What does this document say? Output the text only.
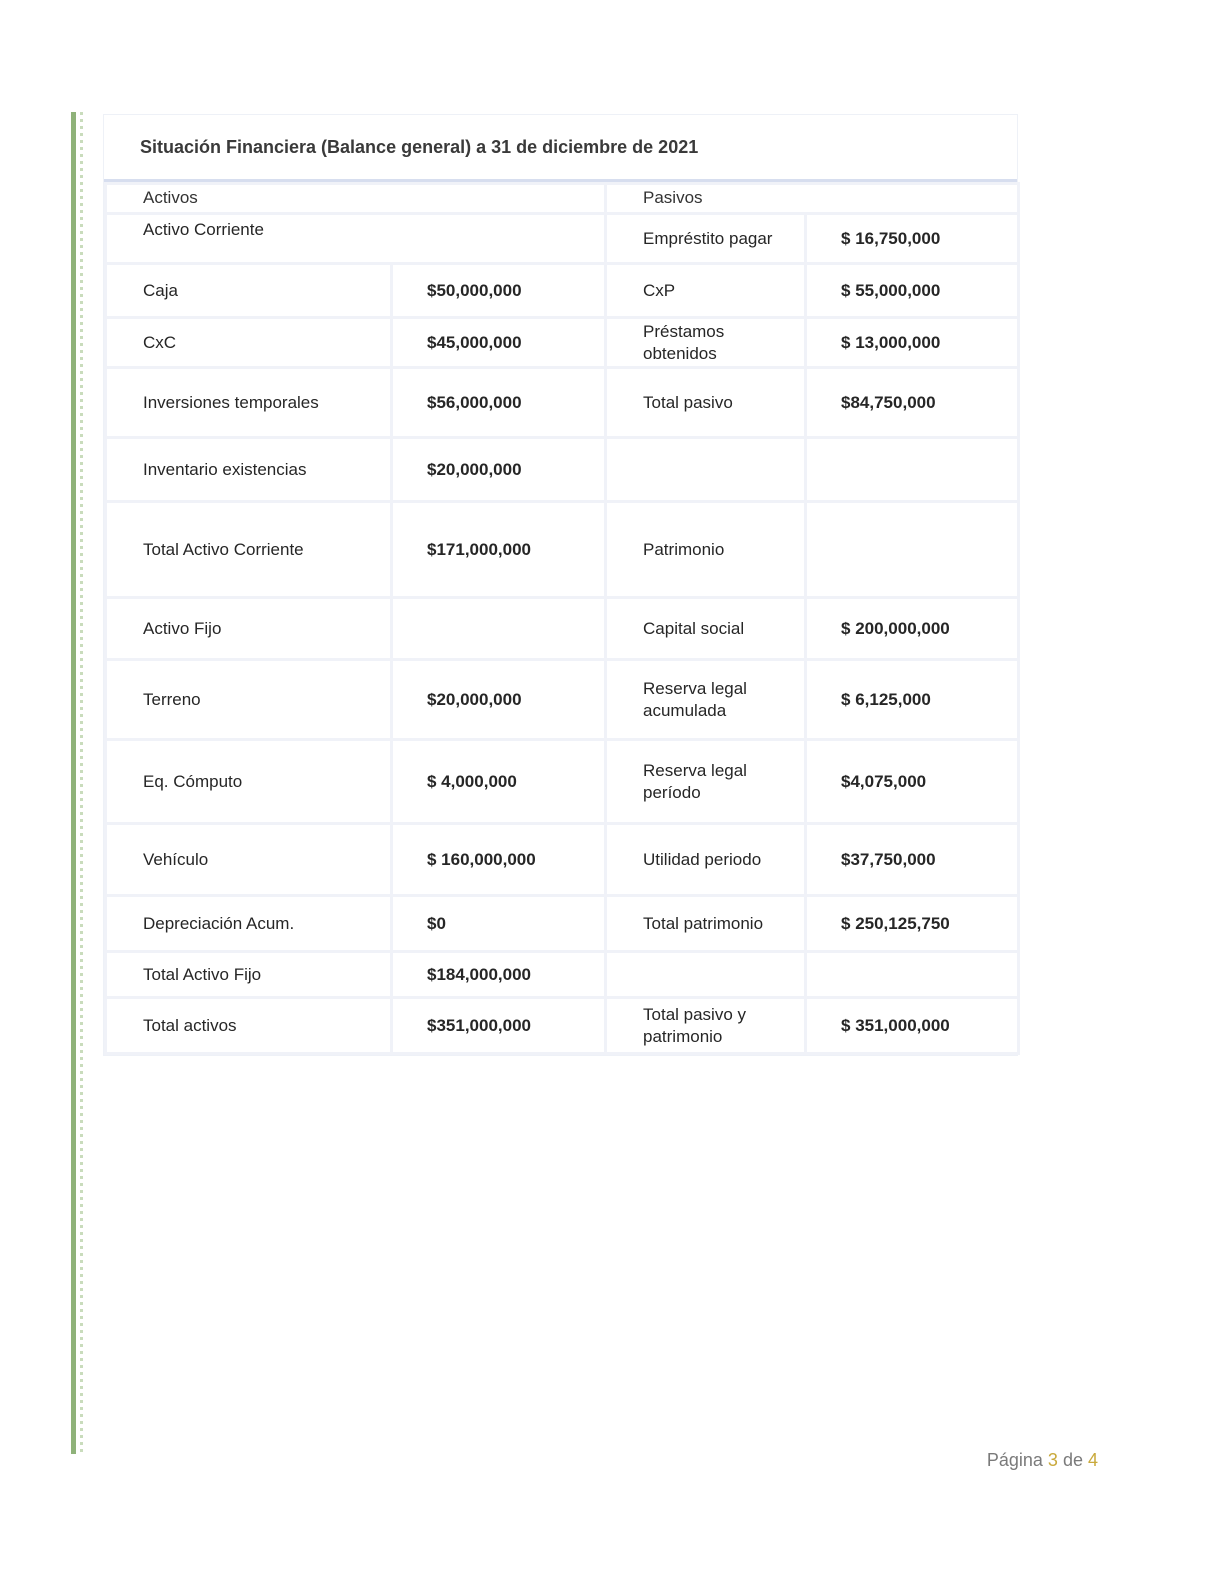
Situación Financiera (Balance general) a 31 de diciembre de 2021
Activos		Pasivos	
Activo Corriente		Empréstito pagar	$ 16,750,000
Caja	$50,000,000	CxP	$ 55,000,000
CxC	$45,000,000	Préstamos obtenidos	$ 13,000,000
Inversiones temporales	$56,000,000	Total pasivo	$84,750,000
Inventario existencias	$20,000,000		
Total Activo Corriente	$171,000,000	Patrimonio	
Activo Fijo		Capital social	$ 200,000,000
Terreno	$20,000,000	Reserva legal acumulada	$ 6,125,000
Eq. Cómputo	$ 4,000,000	Reserva legal período	$4,075,000
Vehículo	$ 160,000,000	Utilidad periodo	$37,750,000
Depreciación Acum.	$0	Total patrimonio	$ 250,125,750
Total Activo Fijo	$184,000,000		
Total activos	$351,000,000	Total pasivo y patrimonio	$ 351,000,000
Página 3 de 4
